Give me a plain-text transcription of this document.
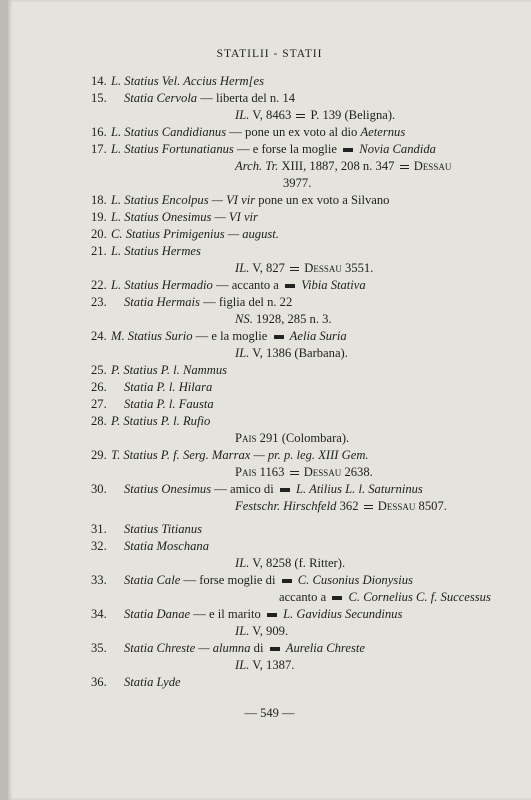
STATILII - STATII
14. L. Statius Vel. Accius Herm[es
15. Statia Cervola — liberta del n. 14
IL. V, 8463  P. 139 (Beligna).
16. L. Statius Candidianus — pone un ex voto al dio Aeternus
17. L. Statius Fortunatianus — e forse la moglie  Novia Candida
Arch. Tr. XIII, 1887, 208 n. 347  Dessau
3977.
18. L. Statius Encolpus — VI vir pone un ex voto a Silvano
19. L. Statius Onesimus — VI vir
20. C. Statius Primigenius — august.
21. L. Statius Hermes
IL. V, 827  Dessau 3551.
22. L. Statius Hermadio — accanto a  Vibia Stativa
23. Statia Hermais — figlia del n. 22
NS. 1928, 285 n. 3.
24. M. Statius Surio — e la moglie  Aelia Suria
IL. V, 1386 (Barbana).
25. P. Statius P. l. Nammus
26. Statia P. l. Hilara
27. Statia P. l. Fausta
28. P. Statius P. l. Rufio
Pais 291 (Colombara).
29. T. Statius P. f. Serg. Marrax — pr. p. leg. XIII Gem.
Pais 1163  Dessau 2638.
30. Statius Onesimus — amico di  L. Atilius L. l. Saturninus
Festschr. Hirschfeld 362  Dessau 8507.
31. Statius Titianus
32. Statia Moschana
IL. V, 8258 (f. Ritter).
33. Statia Cale — forse moglie di  C. Cusonius Dionysius
accanto a  C. Cornelius C. f. Successus
34. Statia Danae — e il marito  L. Gavidius Secundinus
IL. V, 909.
35. Statia Chreste — alumna di  Aurelia Chreste
IL. V, 1387.
36. Statia Lyde
— 549 —
